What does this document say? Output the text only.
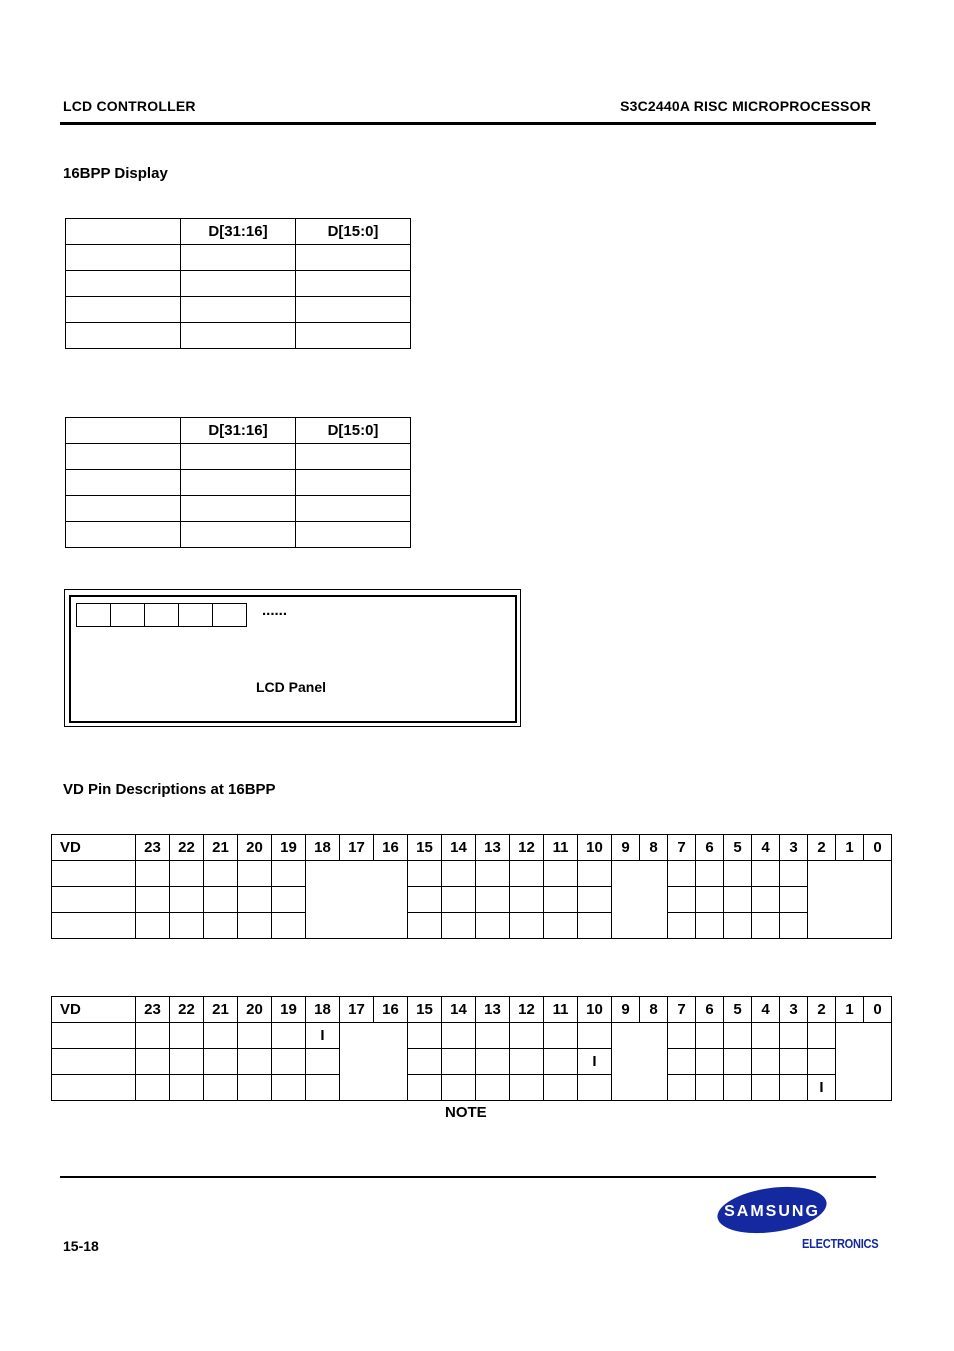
LCD CONTROLLER	S3C2440A RISC MICROPROCESSOR
16BPP Display
	D[31:16]	D[15:0]

	D[31:16]	D[15:0]

......
LCD Panel
VD Pin Descriptions at 16BPP
VD	23	22	21	20	19	18	17	16	15	14	13	12	11	10	9	8	7	6	5	4	3	2	1	0

VD	23	22	21	20	19	18	17	16	15	14	13	12	11	10	9	8	7	6	5	4	3	2	1	0
						I																		
														I										
																						I		
NOTE
15-18
SAMSUNG
ELECTRONICS
